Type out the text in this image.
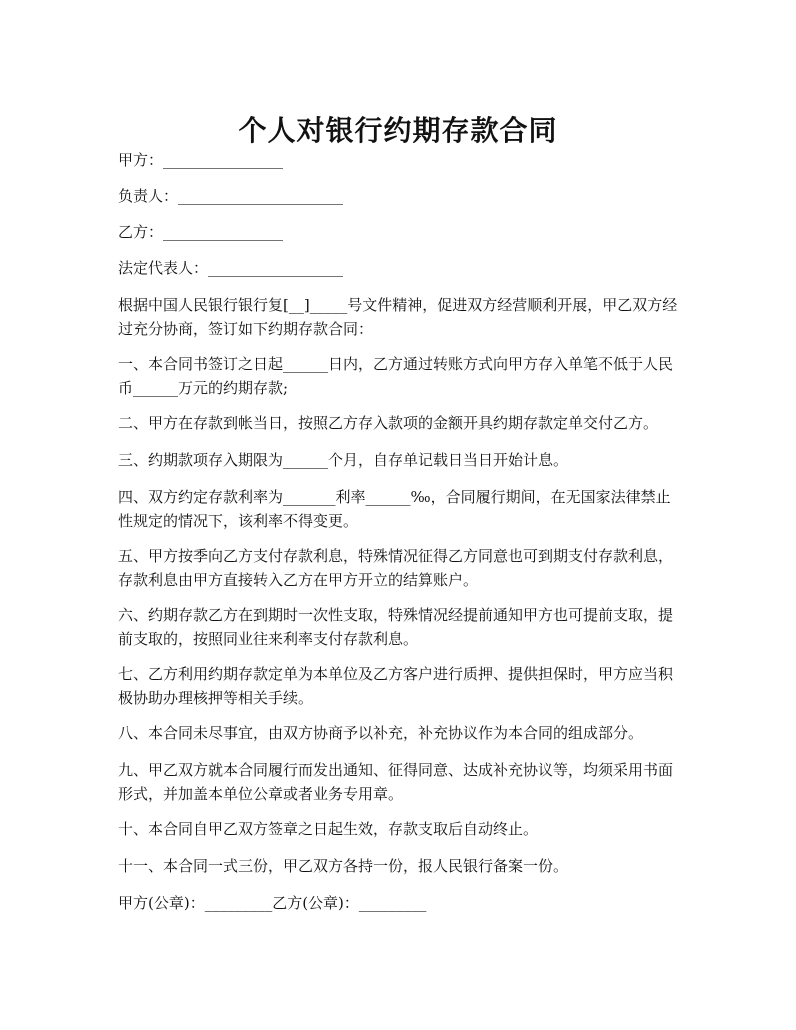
个人对银行约期存款合同

甲方：________________

负责人：______________________

乙方：________________

法定代表人：__________________

根据中国人民银行银行复[__]_____号文件精神，促进双方经营顺利开展，甲乙双方经过充分协商，签订如下约期存款合同：

一、本合同书签订之日起______日内，乙方通过转账方式向甲方存入单笔不低于人民币______万元的约期存款;

二、甲方在存款到帐当日，按照乙方存入款项的金额开具约期存款定单交付乙方。

三、约期款项存入期限为______个月，自存单记载日当日开始计息。

四、双方约定存款利率为_______利率______‰，合同履行期间，在无国家法律禁止性规定的情况下，该利率不得变更。

五、甲方按季向乙方支付存款利息，特殊情况征得乙方同意也可到期支付存款利息，存款利息由甲方直接转入乙方在甲方开立的结算账户。

六、约期存款乙方在到期时一次性支取，特殊情况经提前通知甲方也可提前支取，提前支取的，按照同业往来利率支付存款利息。

七、乙方利用约期存款定单为本单位及乙方客户进行质押、提供担保时，甲方应当积极协助办理核押等相关手续。

八、本合同未尽事宜，由双方协商予以补充，补充协议作为本合同的组成部分。

九、甲乙双方就本合同履行而发出通知、征得同意、达成补充协议等，均须采用书面形式，并加盖本单位公章或者业务专用章。

十、本合同自甲乙双方签章之日起生效，存款支取后自动终止。

十一、本合同一式三份，甲乙双方各持一份，报人民银行备案一份。

甲方(公章)：_________乙方(公章)：_________
